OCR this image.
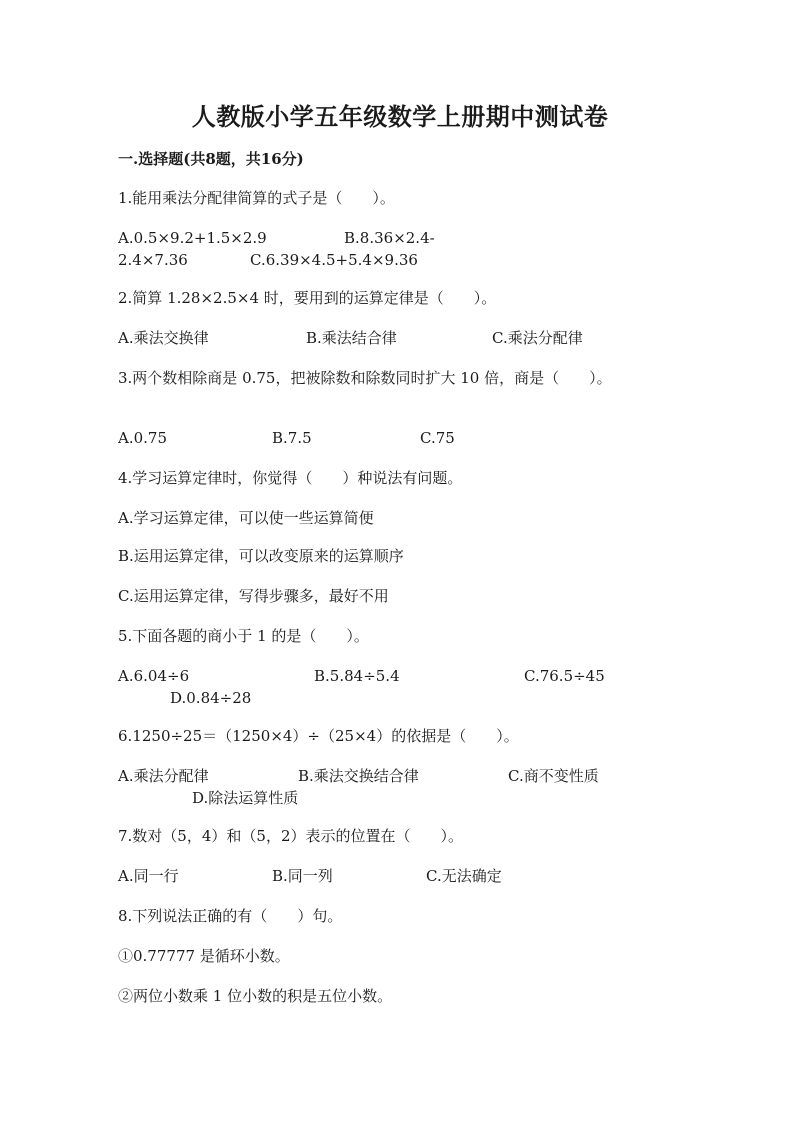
人教版小学五年级数学上册期中测试卷
一.选择题(共8题，共16分)
1.能用乘法分配律简算的式子是（　　）。
A.0.5×9.2+1.5×2.9	B.8.36×2.4-
2.4×7.36	C.6.39×4.5+5.4×9.36
2.简算 1.28×2.5×4 时，要用到的运算定律是（　　）。
A.乘法交换律	B.乘法结合律	C.乘法分配律
3.两个数相除商是 0.75，把被除数和除数同时扩大 10 倍，商是（　　）。
A.0.75	B.7.5	C.75
4.学习运算定律时，你觉得（　　）种说法有问题。
A.学习运算定律，可以使一些运算简便
B.运用运算定律，可以改变原来的运算顺序
C.运用运算定律，写得步骤多，最好不用
5.下面各题的商小于 1 的是（　　）。
A.6.04÷6	B.5.84÷5.4	C.76.5÷45
D.0.84÷28
6.1250÷25＝（1250×4）÷（25×4）的依据是（　　）。
A.乘法分配律	B.乘法交换结合律	C.商不变性质
D.除法运算性质
7.数对（5，4）和（5，2）表示的位置在（　　）。
A.同一行	B.同一列	C.无法确定
8.下列说法正确的有（　　）句。
①0.77777 是循环小数。
②两位小数乘 1 位小数的积是五位小数。
